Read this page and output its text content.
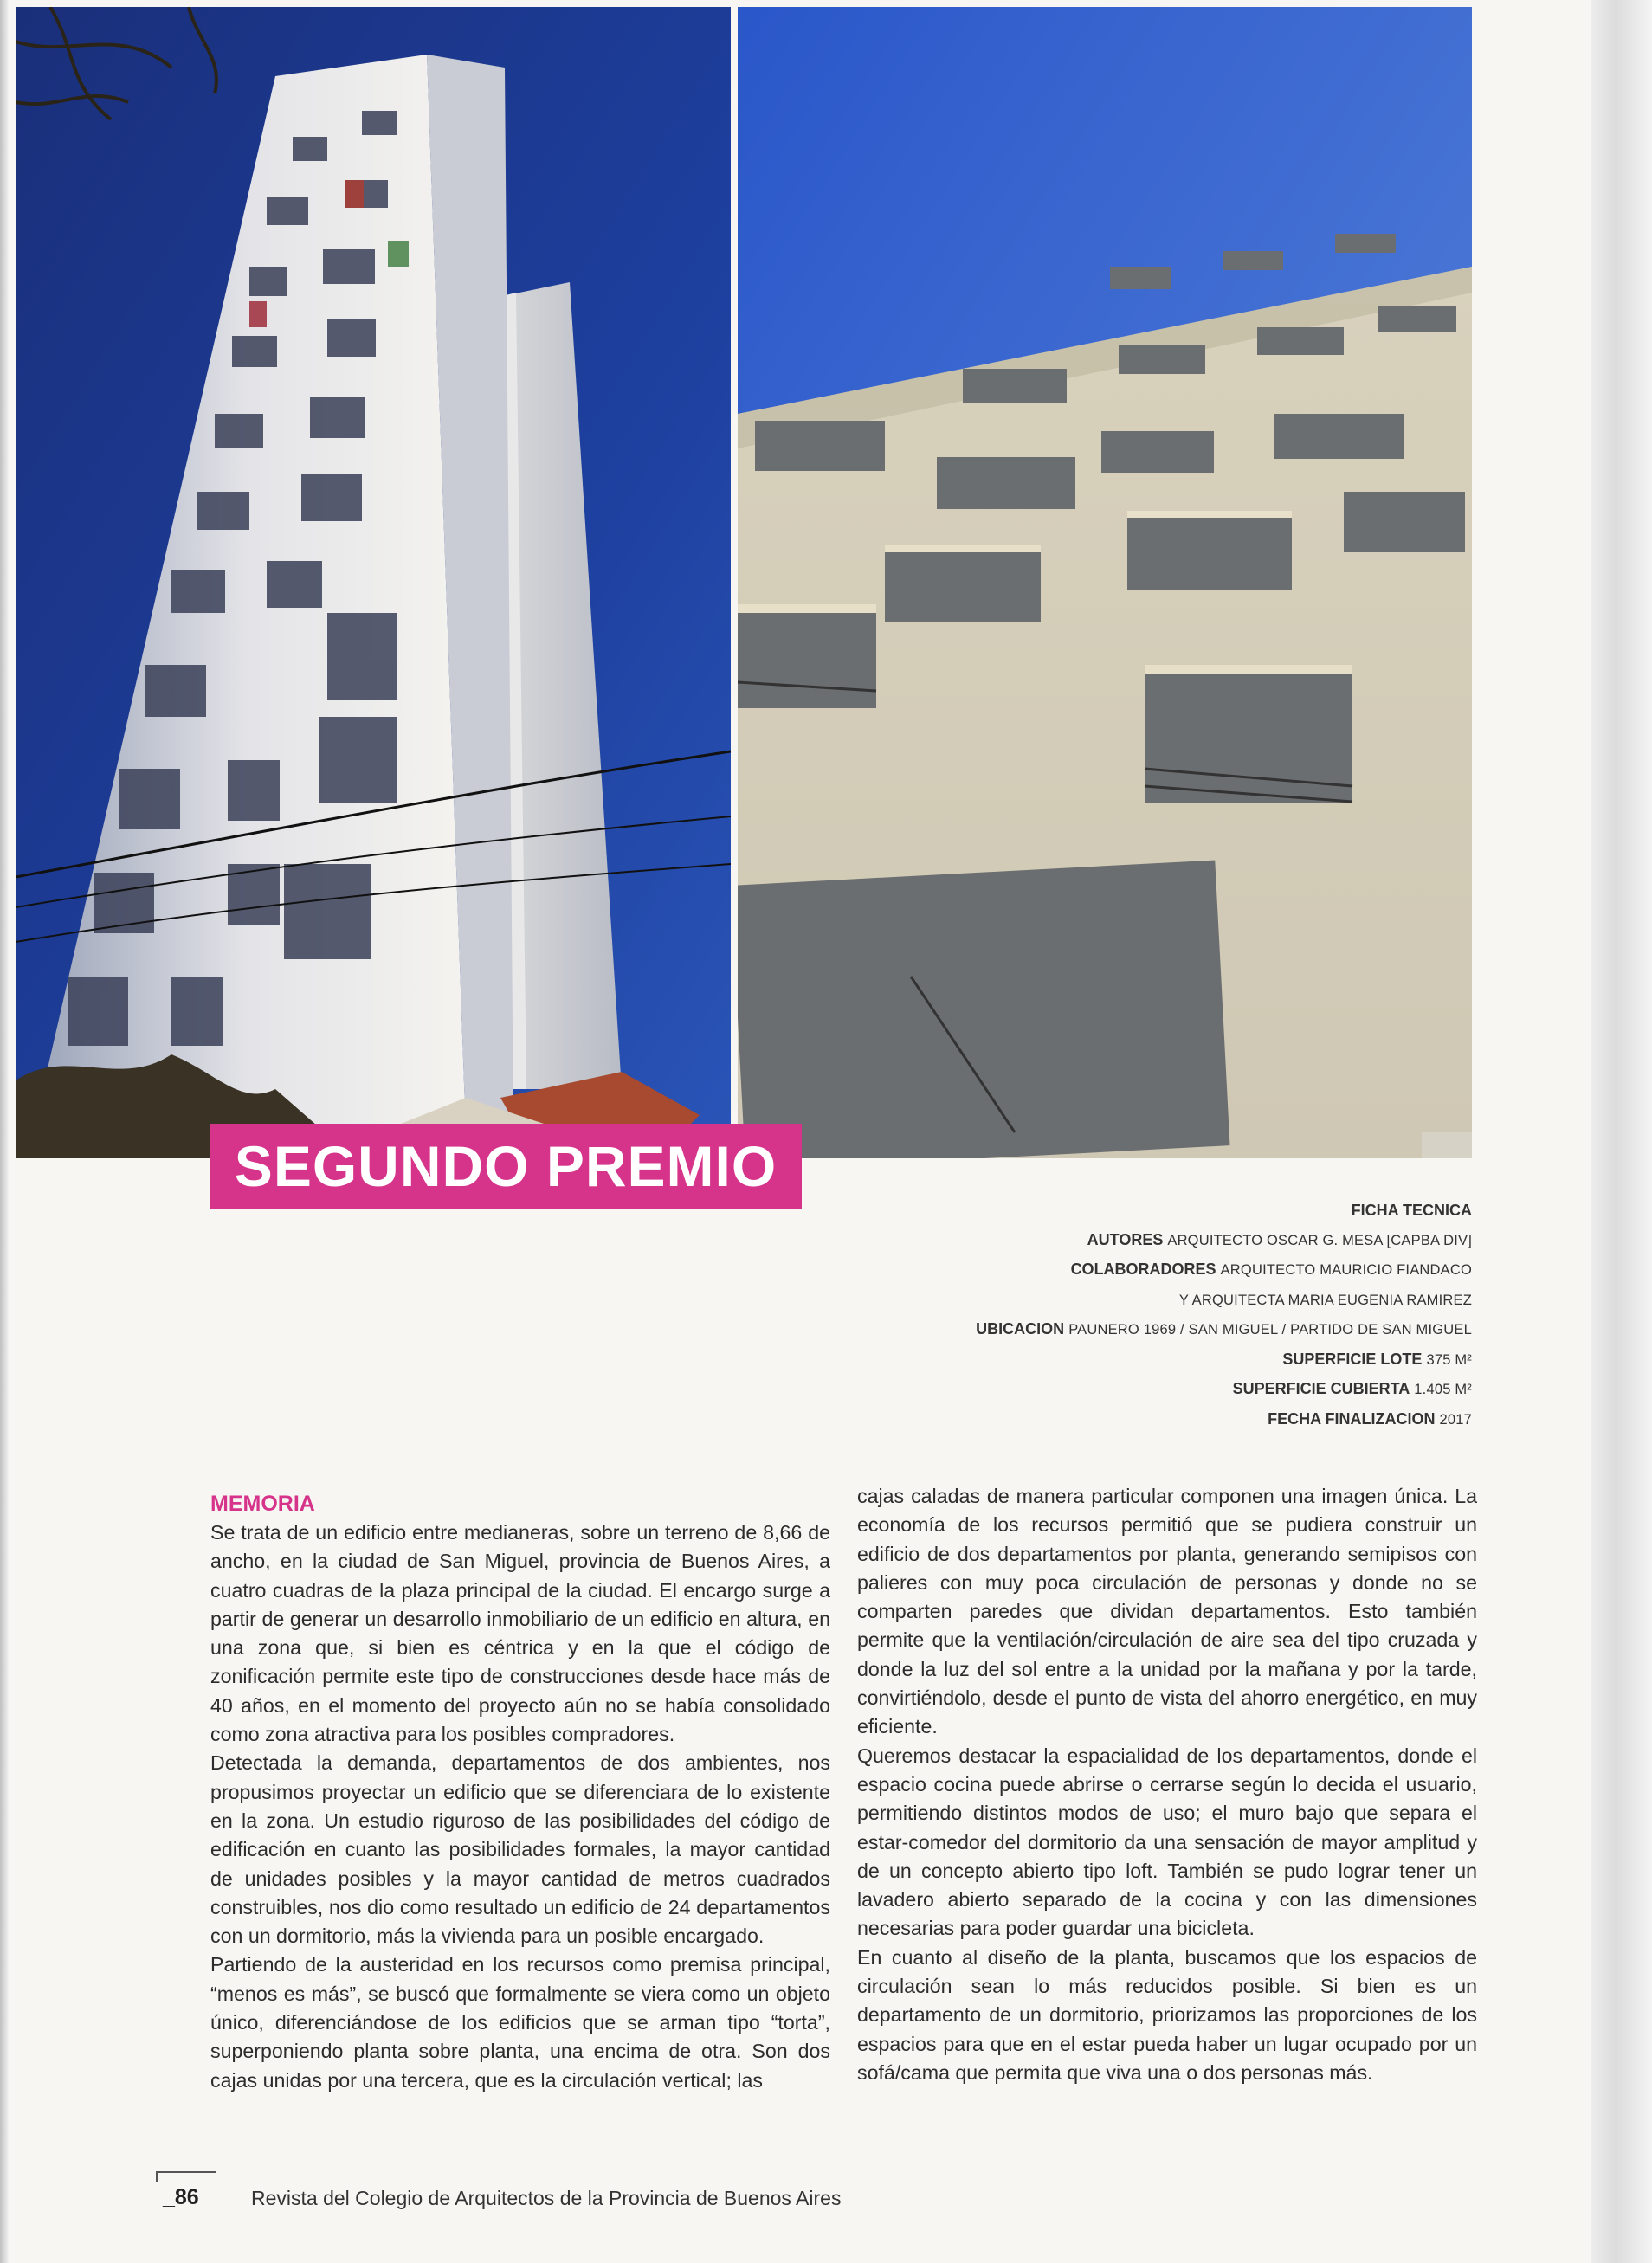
SEGUNDO PREMIO
FICHA TECNICA
AUTORES ARQUITECTO OSCAR G. MESA [CAPBA DIV]
COLABORADORES ARQUITECTO MAURICIO FIANDACO
Y ARQUITECTA MARIA EUGENIA RAMIREZ
UBICACION PAUNERO 1969 / SAN MIGUEL / PARTIDO DE SAN MIGUEL
SUPERFICIE LOTE 375 M²
SUPERFICIE CUBIERTA 1.405 M²
FECHA FINALIZACION 2017
MEMORIA

Se trata de un edificio entre medianeras, sobre un terreno de 8,66 de ancho, en la ciudad de San Miguel, provincia de Buenos Aires, a cuatro cuadras de la plaza principal de la ciudad. El encargo surge a partir de generar un desarrollo inmobiliario de un edificio en altura, en una zona que, si bien es céntrica y en la que el código de zonificación permite este tipo de construcciones desde hace más de 40 años, en el momento del proyecto aún no se había consolidado como zona atractiva para los posibles compradores.

Detectada la demanda, departamentos de dos ambientes, nos propusimos proyectar un edificio que se diferenciara de lo existente en la zona. Un estudio riguroso de las posibilidades del código de edificación en cuanto las posibilidades formales, la mayor cantidad de unidades posibles y la mayor cantidad de metros cuadrados construibles, nos dio como resultado un edificio de 24 departamentos con un dormitorio, más la vivienda para un posible encargado.

Partiendo de la austeridad en los recursos como premisa principal, “menos es más”, se buscó que formalmente se viera como un objeto único, diferenciándose de los edificios que se arman tipo “torta”, superponiendo planta sobre planta, una encima de otra. Son dos cajas unidas por una tercera, que es la circulación vertical; las

cajas caladas de manera particular componen una imagen única. La economía de los recursos permitió que se pudiera construir un edificio de dos departamentos por planta, generando semipisos con palieres con muy poca circulación de personas y donde no se comparten paredes que dividan departamentos. Esto también permite que la ventilación/circulación de aire sea del tipo cruzada y donde la luz del sol entre a la unidad por la mañana y por la tarde, convirtiéndolo, desde el punto de vista del ahorro energético, en muy eficiente.

Queremos destacar la espacialidad de los departamentos, donde el espacio cocina puede abrirse o cerrarse según lo decida el usuario, permitiendo distintos modos de uso; el muro bajo que separa el estar-comedor del dormitorio da una sensación de mayor amplitud y de un concepto abierto tipo loft. También se pudo lograr tener un lavadero abierto separado de la cocina y con las dimensiones necesarias para poder guardar una bicicleta.

En cuanto al diseño de la planta, buscamos que los espacios de circulación sean lo más reducidos posible. Si bien es un departamento de un dormitorio, priorizamos las proporciones de los espacios para que en el estar pueda haber un lugar ocupado por un sofá/cama que permita que viva una o dos personas más.

_86	Revista del Colegio de Arquitectos de la Provincia de Buenos Aires
